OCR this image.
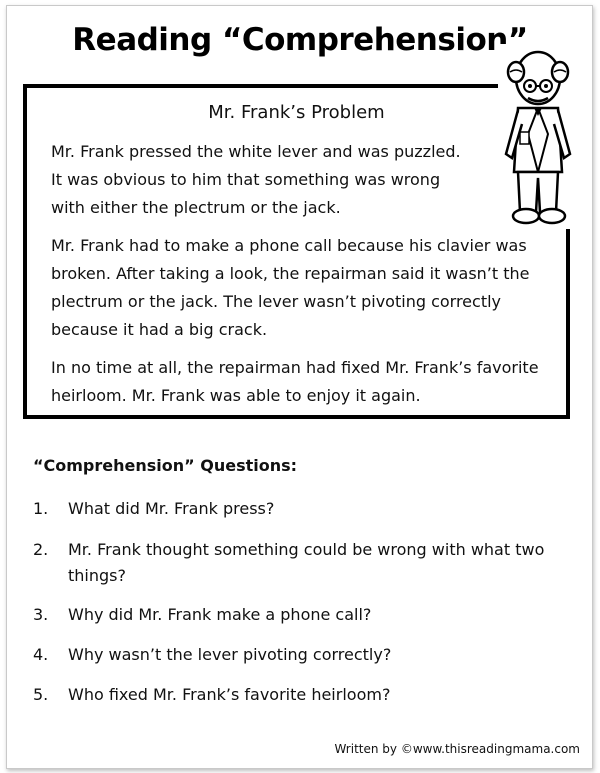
Reading “Comprehension”
Mr. Frank’s Problem

Mr. Frank pressed the white lever and was puzzled. It was obvious to him that something was wrong with either the plectrum or the jack.

Mr. Frank had to make a phone call because his clavier was broken. After taking a look, the repairman said it wasn’t the plectrum or the jack. The lever wasn’t pivoting correctly because it had a big crack.

In no time at all, the repairman had fixed Mr. Frank’s favorite heirloom. Mr. Frank was able to enjoy it again.

“Comprehension” Questions:
1.	What did Mr. Frank press?
2.	Mr. Frank thought something could be wrong with what two things?
3.	Why did Mr. Frank make a phone call?
4.	Why wasn’t the lever pivoting correctly?
5.	Who fixed Mr. Frank’s favorite heirloom?
Written by ©www.thisreadingmama.com
